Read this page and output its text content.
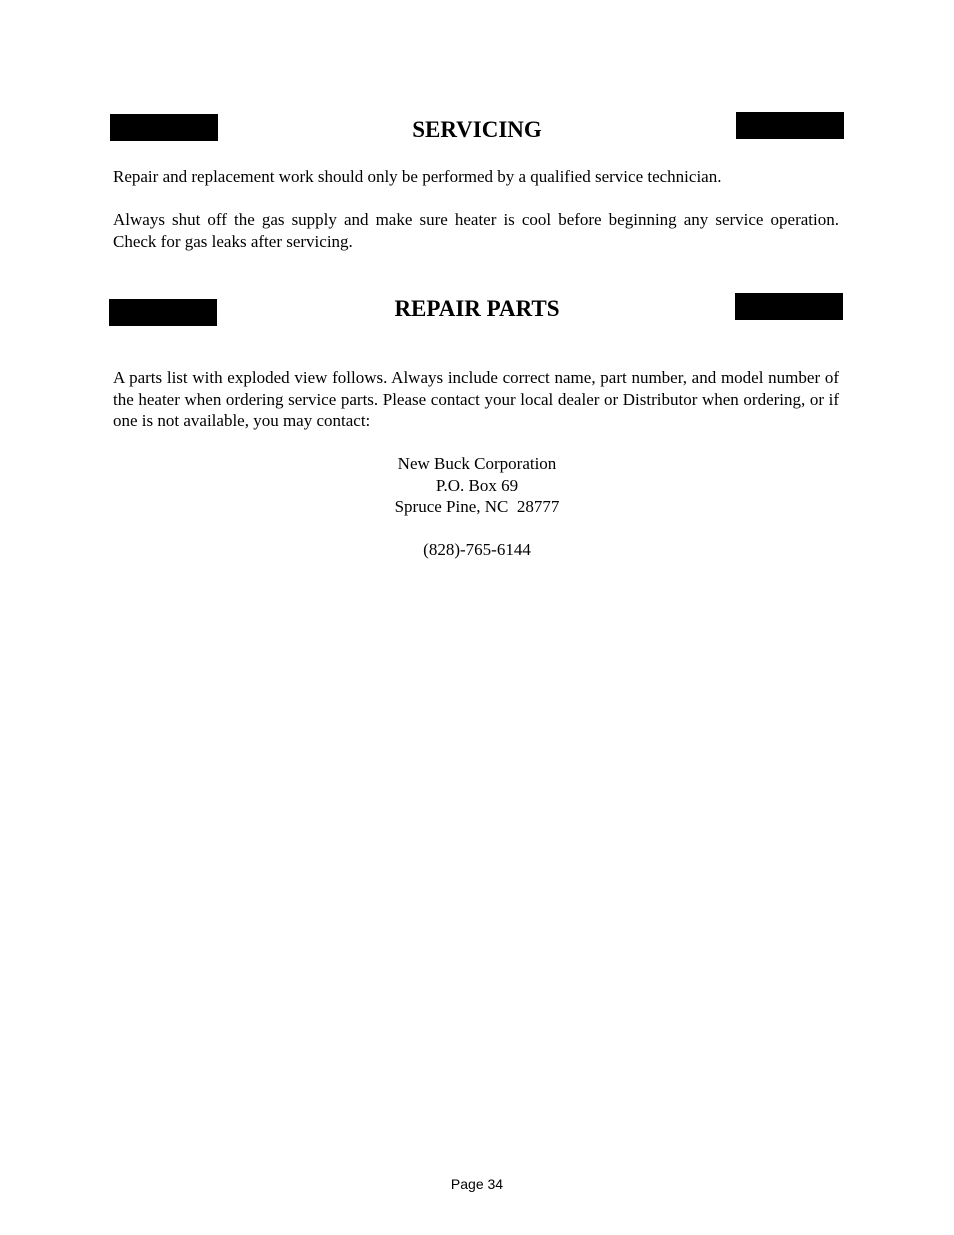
SERVICING

Repair and replacement work should only be performed by a qualified service technician.

Always shut off the gas supply and make sure heater is cool before beginning any service operation. Check for gas leaks after servicing.

REPAIR PARTS

A parts list with exploded view follows. Always include correct name, part number, and model number of the heater when ordering service parts. Please contact your local dealer or Distributor when ordering, or if one is not available, you may contact:

New Buck Corporation
P.O. Box 69
Spruce Pine, NC  28777
(828)-765-6144
Page 34
